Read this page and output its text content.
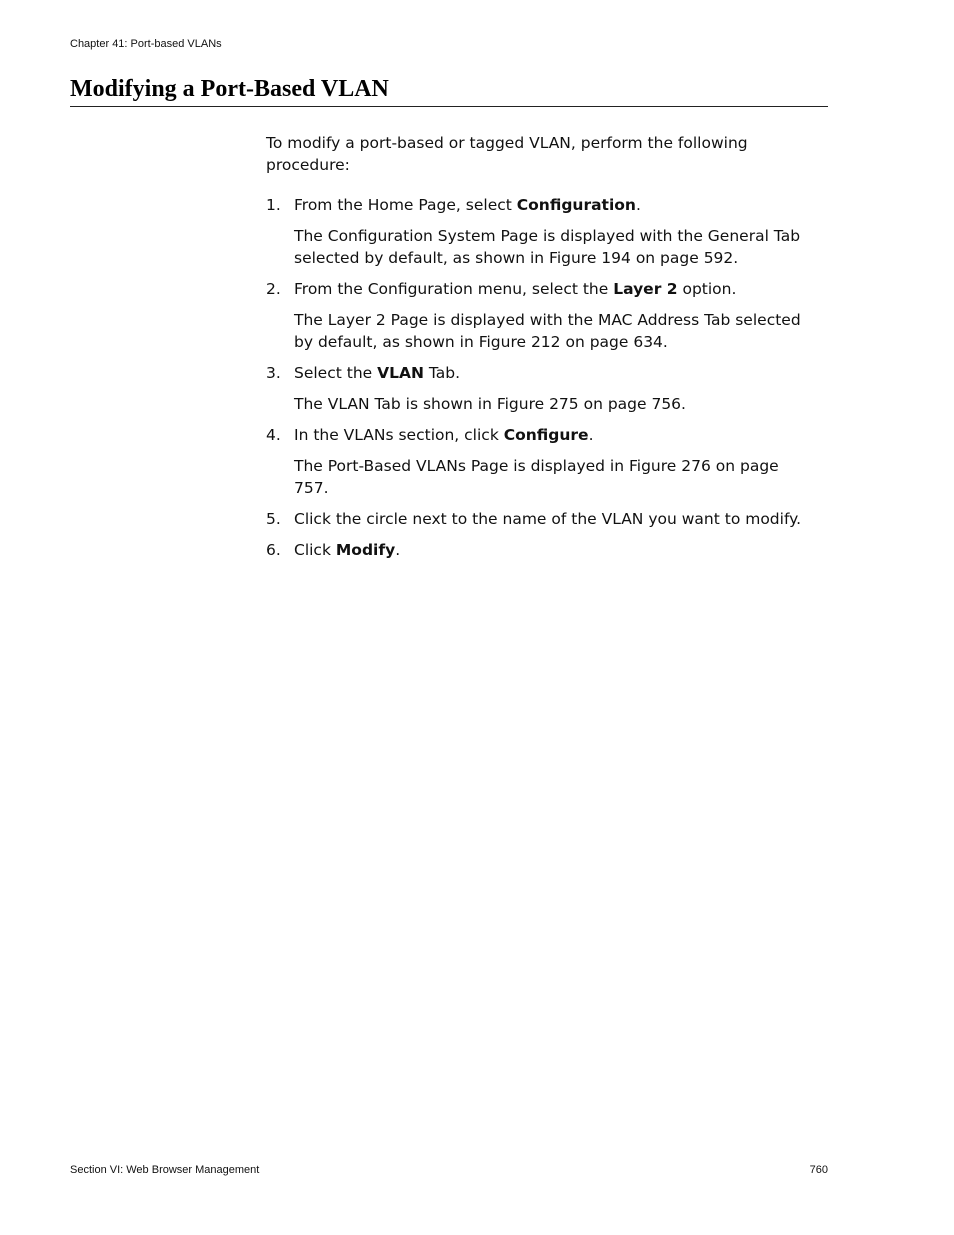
Chapter 41: Port-based VLANs
Modifying a Port-Based VLAN

To modify a port-based or tagged VLAN, perform the following procedure:

1. From the Home Page, select Configuration.
The Configuration System Page is displayed with the General Tab selected by default, as shown in Figure 194 on page 592.
2. From the Configuration menu, select the Layer 2 option.
The Layer 2 Page is displayed with the MAC Address Tab selected by default, as shown in Figure 212 on page 634.
3. Select the VLAN Tab.
The VLAN Tab is shown in Figure 275 on page 756.
4. In the VLANs section, click Configure.
The Port-Based VLANs Page is displayed in Figure 276 on page 757.
5. Click the circle next to the name of the VLAN you want to modify.
6. Click Modify.
Section VI: Web Browser Management	760
